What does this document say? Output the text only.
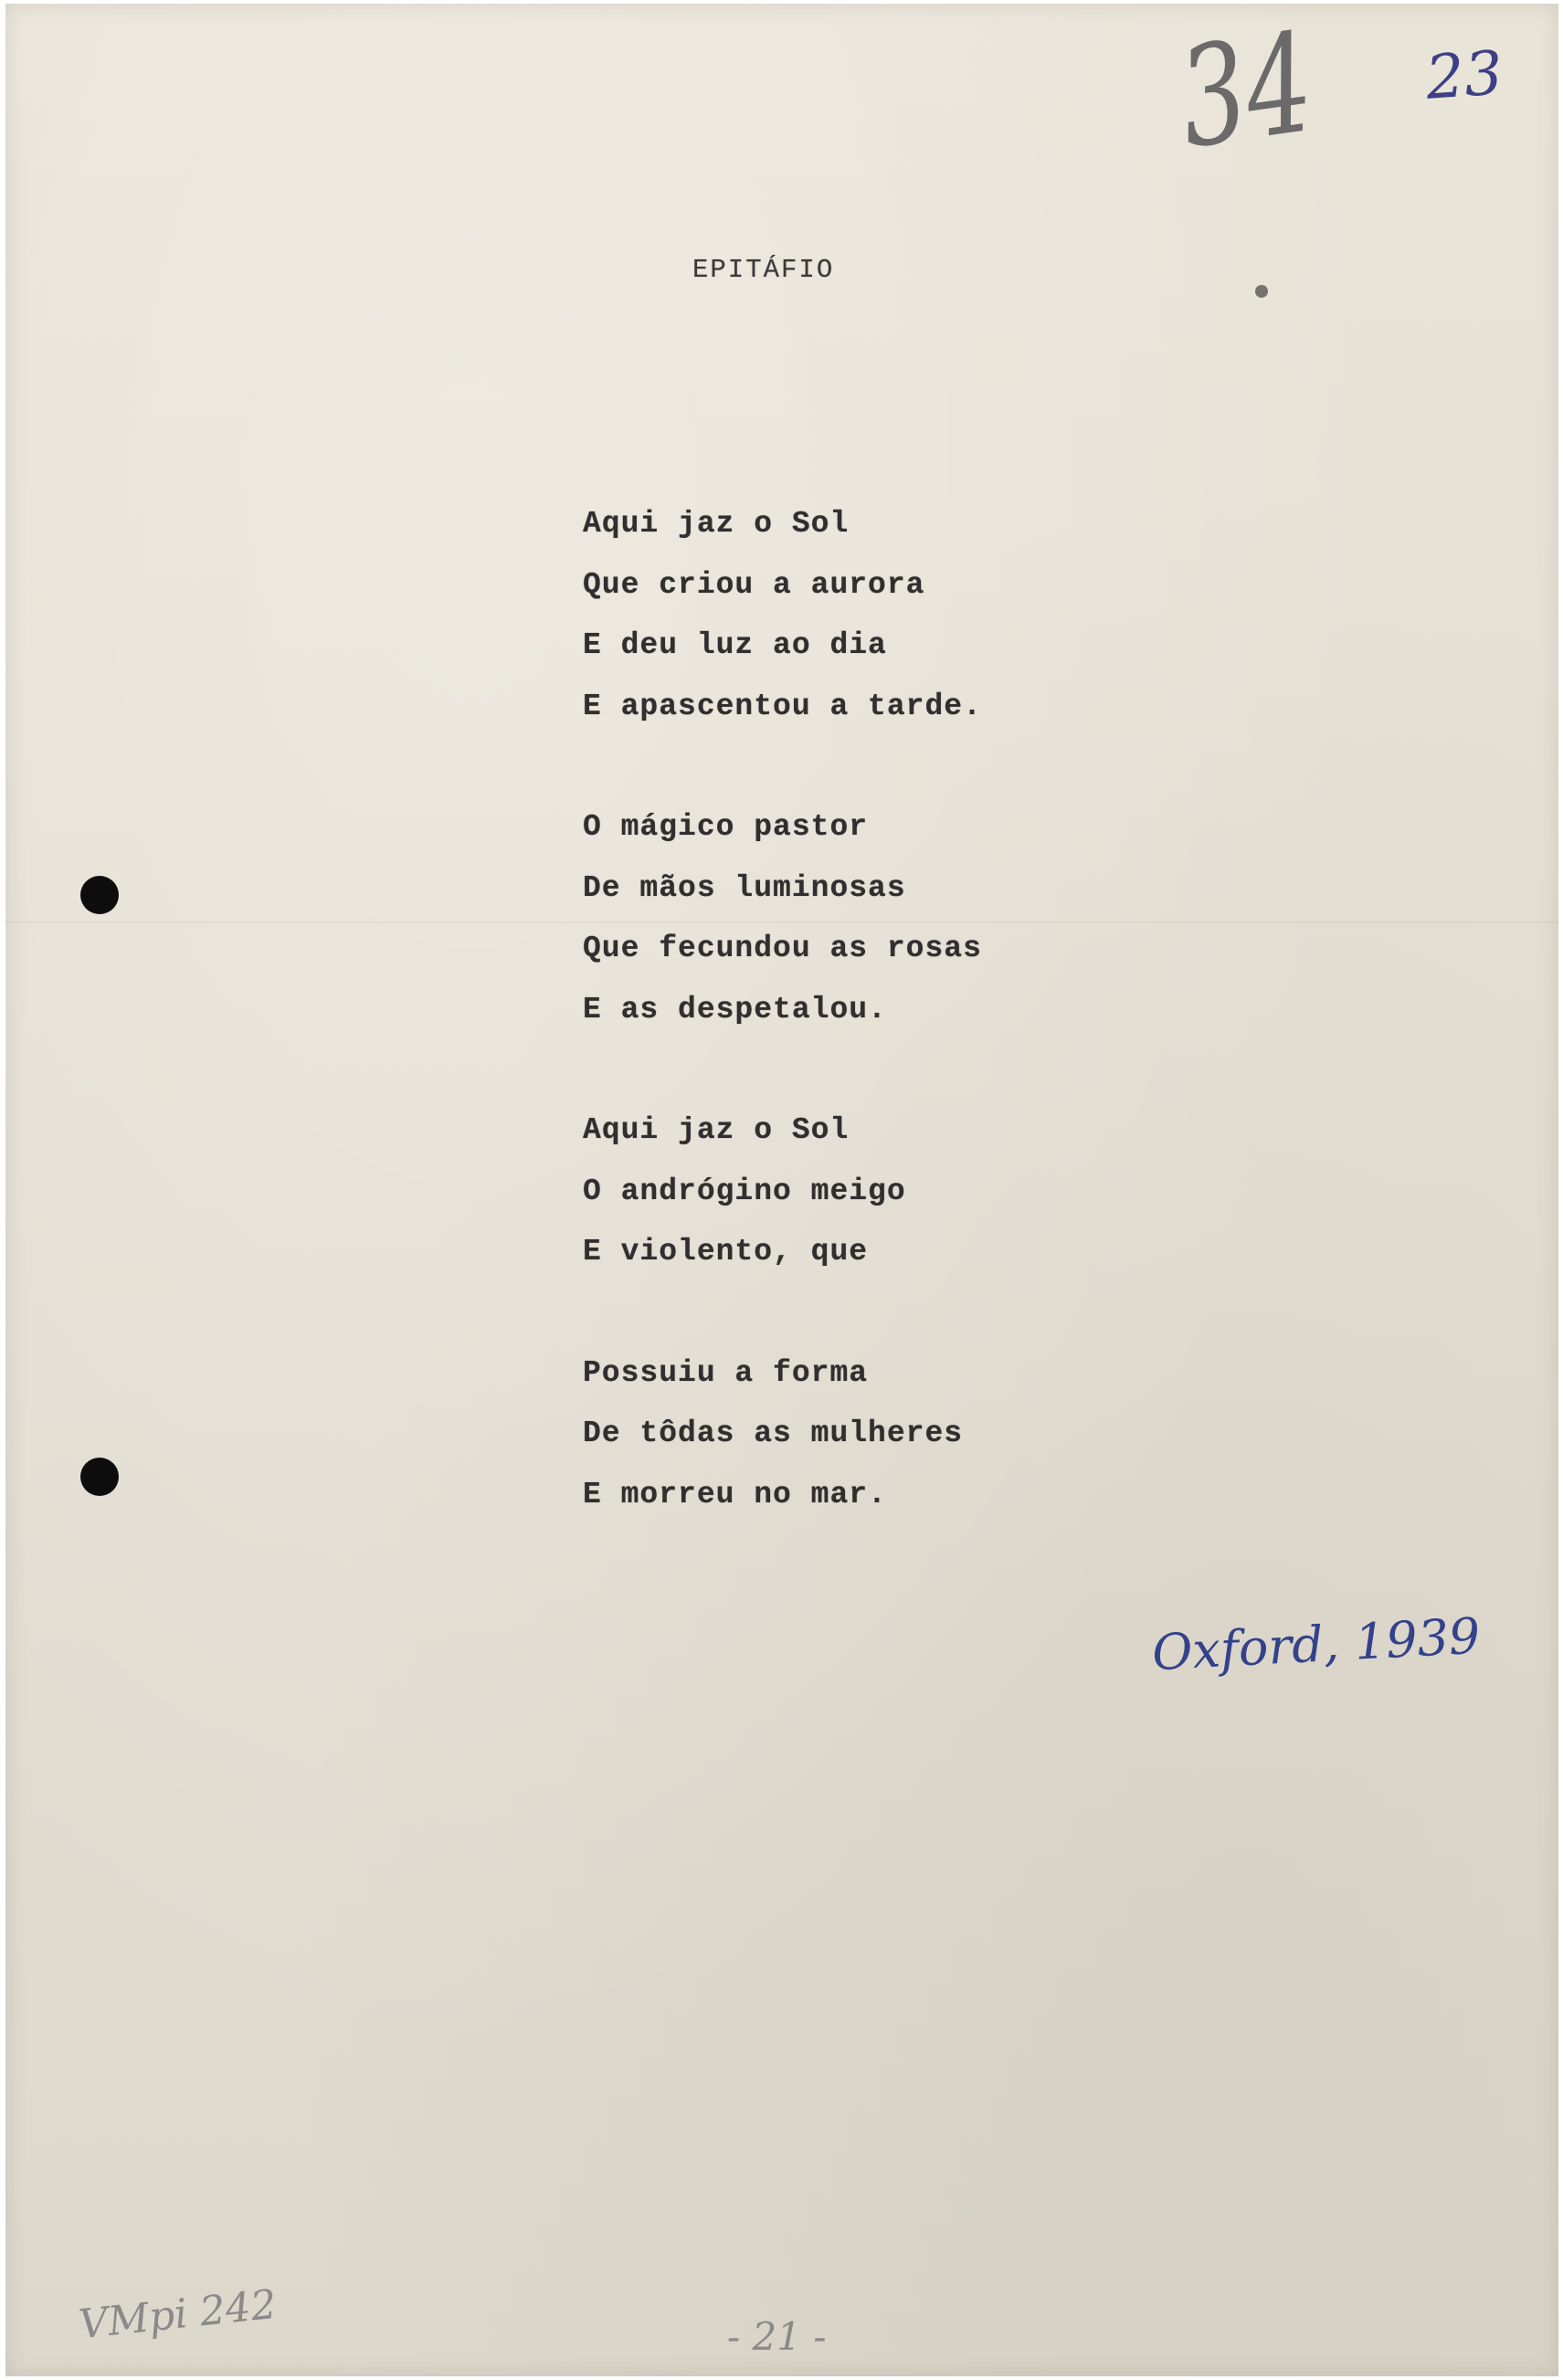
34 23
EPITÁFIO
Aqui jaz o Sol
Que criou a aurora
E deu luz ao dia
E apascentou a tarde.
O mágico pastor
De mãos luminosas
Que fecundou as rosas
E as despetalou.
Aqui jaz o Sol
O andrógino meigo
E violento, que
Possuiu a forma
De tôdas as mulheres
E morreu no mar.
Oxford, 1939
VMpi 242	- 21 -
